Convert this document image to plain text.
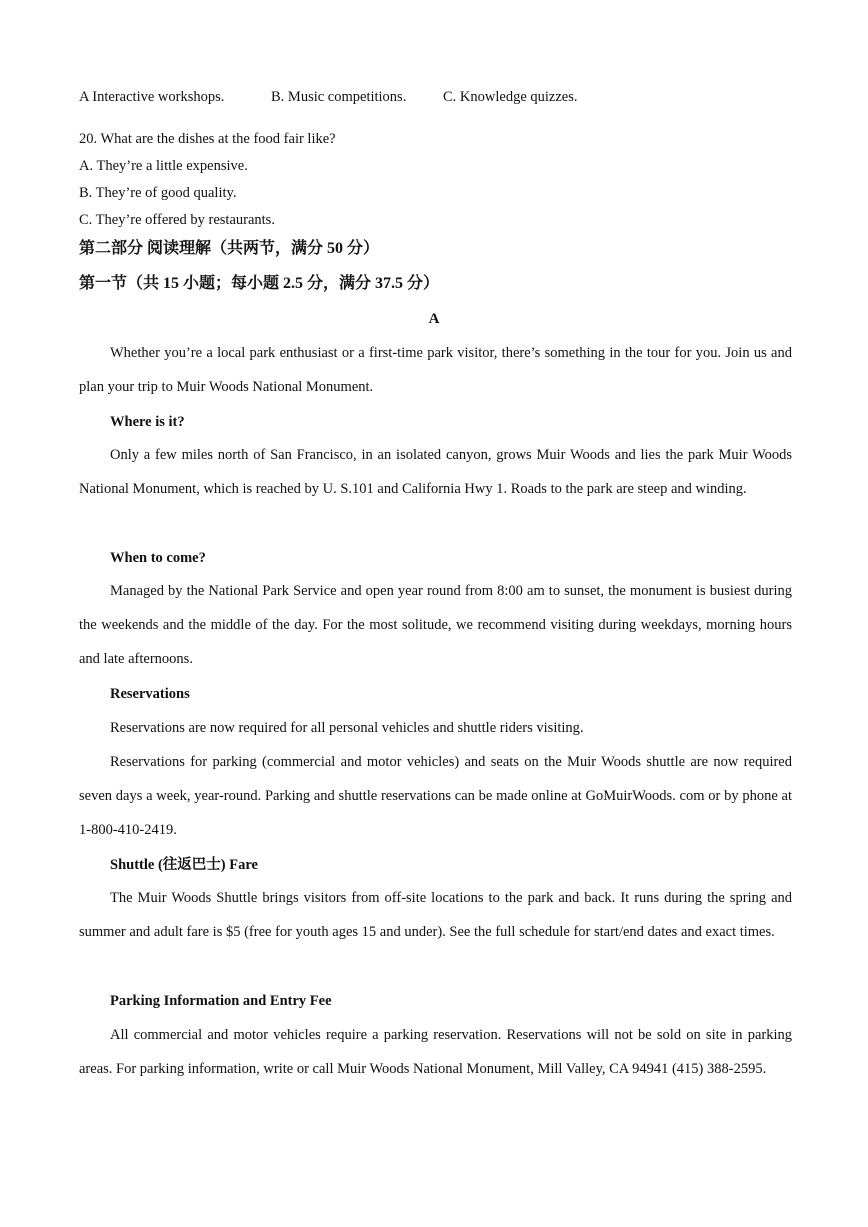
A Interactive workshops.	B. Music competitions.	C. Knowledge quizzes.
20. What are the dishes at the food fair like?
A. They’re a little expensive.
B. They’re of good quality.
C. They’re offered by restaurants.
第二部分 阅读理解（共两节，满分 50 分）
第一节（共 15 小题；每小题 2.5 分，满分 37.5 分）
A

Whether you’re a local park enthusiast or a first-time park visitor, there’s something in the tour for you. Join us and plan your trip to Muir Woods National Monument.

Where is it?

Only a few miles north of San Francisco, in an isolated canyon, grows Muir Woods and lies the park Muir Woods National Monument, which is reached by U. S.101 and California Hwy 1. Roads to the park are steep and winding.

When to come?

Managed by the National Park Service and open year round from 8:00 am to sunset, the monument is busiest during the weekends and the middle of the day. For the most solitude, we recommend visiting during weekdays, morning hours and late afternoons.

Reservations

Reservations are now required for all personal vehicles and shuttle riders visiting.

Reservations for parking (commercial and motor vehicles) and seats on the Muir Woods shuttle are now required seven days a week, year-round. Parking and shuttle reservations can be made online at GoMuirWoods. com or by phone at 1-800-410-2419.

Shuttle (往返巴士) Fare

The Muir Woods Shuttle brings visitors from off-site locations to the park and back. It runs during the spring and summer and adult fare is $5 (free for youth ages 15 and under). See the full schedule for start/end dates and exact times.

Parking Information and Entry Fee

All commercial and motor vehicles require a parking reservation. Reservations will not be sold on site in parking areas. For parking information, write or call Muir Woods National Monument, Mill Valley, CA 94941 (415) 388-2595.
